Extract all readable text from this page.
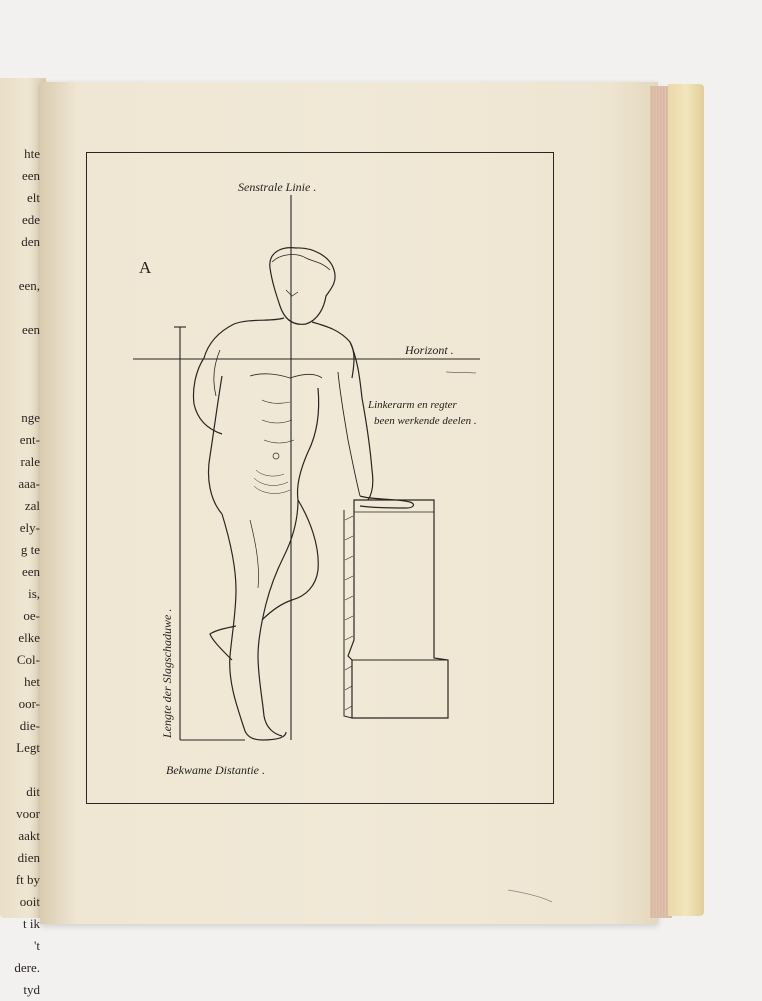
hte
een
elt
ede
den
een,
een
nge
ent-
rale
aaa-
zal
ely-
g te
een
is,
oe-
elke
Col-
het
oor-
die-
Legt
dit
voor
aakt
dien
ft by
ooit
t ik
't
dere.
tyd
A
Senstrale Linie .
Horizont .
Linkerarm en regter
been werkende deelen .
Lengte der Slagschaduwe .
Bekwame Distantie .
